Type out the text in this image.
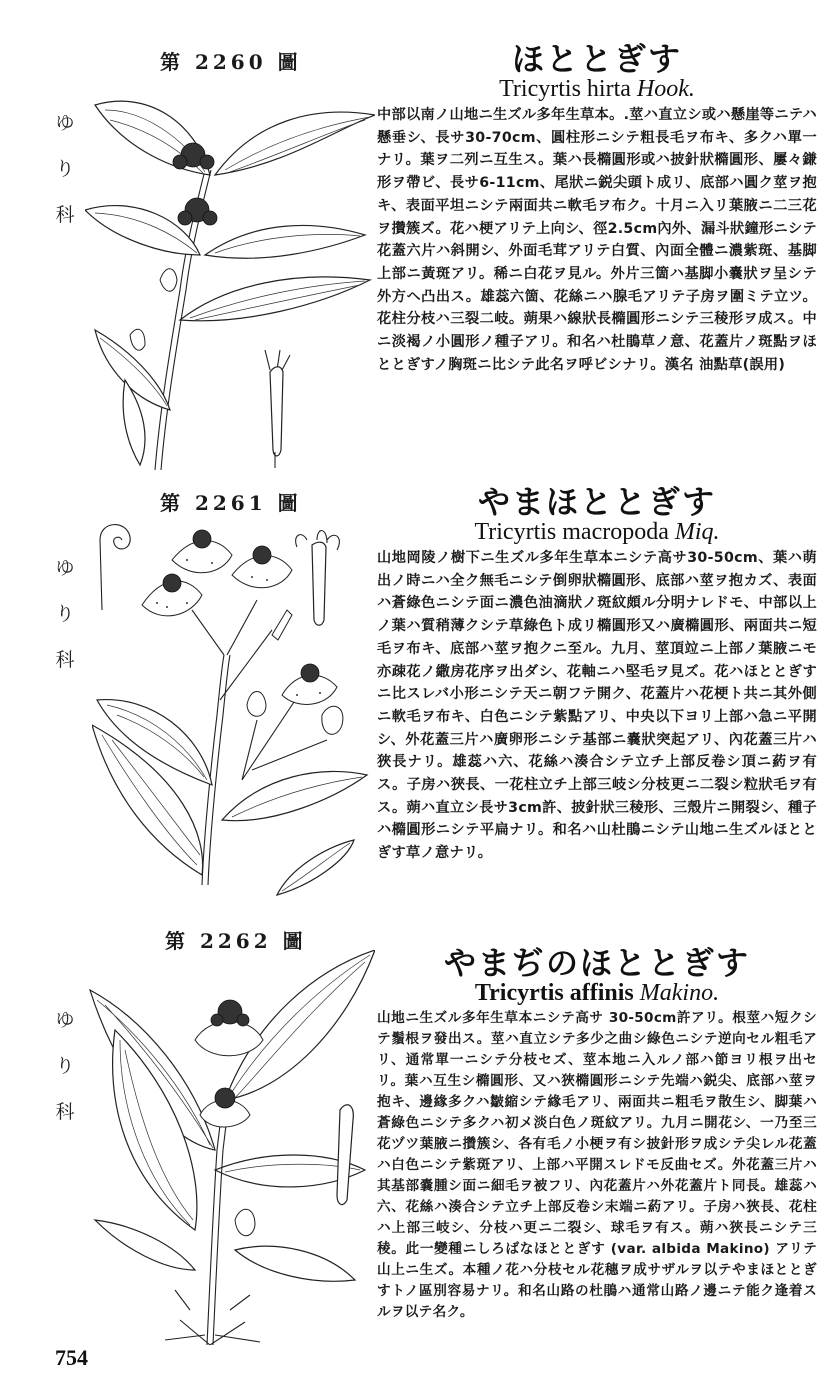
第 2260 圖
ゆ
り
科
ほととぎす
Tricyrtis hirta Hook.

中部以南ノ山地ニ生ズル多年生草本。.莖ハ直立シ或ハ懸崖等ニテハ懸垂シ、長サ30-70cm、圓柱形ニシテ粗長毛ヲ布キ、多クハ單一ナリ。葉ヲ二列ニ互生ス。葉ハ長橢圓形或ハ披針狀橢圓形、屢々鎌形ヲ帶ビ、長サ6-11cm、尾狀ニ鋭尖頭ト成リ、底部ハ圓ク莖ヲ抱キ、表面平坦ニシテ兩面共ニ軟毛ヲ布ク。十月ニ入リ葉腋ニ二三花ヲ攢簇ズ。花ハ梗アリテ上向シ、徑2.5cm內外、漏斗狀鐘形ニシテ花蓋六片ハ斜開シ、外面毛茸アリテ白質、內面全體ニ濃紫斑、基脚上部ニ黃斑アリ。稀ニ白花ヲ見ル。外片三箇ハ基脚小嚢狀ヲ呈シテ外方ヘ凸出ス。雄蕊六箇、花絲ニハ腺毛アリテ子房ヲ圍ミテ立ツ。花柱分枝ハ三裂二岐。蒴果ハ線狀長橢圓形ニシテ三稜形ヲ成ス。中ニ淡褐ノ小圓形ノ種子アリ。和名ハ杜鵑草ノ意、花蓋片ノ斑點ヲほととぎすノ胸斑ニ比シテ此名ヲ呼ビシナリ。漢名 油點草(誤用)

第 2261 圖
ゆ
り
科
やまほととぎす
Tricyrtis macropoda Miq.

山地岡陵ノ樹下ニ生ズル多年生草本ニシテ高サ30-50cm、葉ハ萌出ノ時ニハ全ク無毛ニシテ倒卵狀橢圓形、底部ハ莖ヲ抱カズ、表面ハ蒼綠色ニシテ面ニ濃色油滴狀ノ斑紋頗ル分明ナレドモ、中部以上ノ葉ハ質稍薄クシテ草綠色ト成リ橢圓形又ハ廣橢圓形、兩面共ニ短毛ヲ布キ、底部ハ莖ヲ抱クニ至ル。九月、莖頂竝ニ上部ノ葉腋ニモ亦疎花ノ繖房花序ヲ出ダシ、花軸ニハ堅毛ヲ見ズ。花ハほととぎすニ比スレバ小形ニシテ天ニ朝フテ開ク、花蓋片ハ花梗ト共ニ其外側ニ軟毛ヲ布キ、白色ニシテ紫點アリ、中央以下ヨリ上部ハ急ニ平開シ、外花蓋三片ハ廣卵形ニシテ基部ニ嚢狀突起アリ、內花蓋三片ハ狹長ナリ。雄蕊ハ六、花絲ハ湊合シテ立チ上部反卷シ頂ニ葯ヲ有ス。子房ハ狹長、一花柱立チ上部三岐シ分枝更ニ二裂シ粒狀毛ヲ有ス。蒴ハ直立シ長サ3cm許、披針狀三稜形、三殼片ニ開裂シ、種子ハ橢圓形ニシテ平扁ナリ。和名ハ山杜鵑ニシテ山地ニ生ズルほととぎす草ノ意ナリ。

第 2262 圖
ゆ
り
科
やまぢのほととぎす
Tricyrtis affinis Makino.

山地ニ生ズル多年生草本ニシテ高サ 30-50cm許アリ。根莖ハ短クシテ鬚根ヲ發出ス。莖ハ直立シテ多少之曲シ綠色ニシテ逆向セル粗毛アリ、通常單一ニシテ分枝セズ、莖本地ニ入ルノ部ハ節ヨリ根ヲ出セリ。葉ハ互生シ橢圓形、又ハ狹橢圓形ニシテ先端ハ鋭尖、底部ハ莖ヲ抱キ、邊緣多クハ皺縮シテ緣毛アリ、兩面共ニ粗毛ヲ散生シ、脚葉ハ蒼綠色ニシテ多クハ初メ淡白色ノ斑紋アリ。九月ニ開花シ、一乃至三花ヅツ葉腋ニ攢簇シ、各有毛ノ小梗ヲ有シ披針形ヲ成シテ尖レル花蓋ハ白色ニシテ紫斑アリ、上部ハ平開スレドモ反曲セズ。外花蓋三片ハ其基部嚢腫シ面ニ細毛ヲ被フリ、內花蓋片ハ外花蓋片ト同長。雄蕊ハ六、花絲ハ湊合シテ立チ上部反卷シ末端ニ葯アリ。子房ハ狹長、花柱ハ上部三岐シ、分枝ハ更ニ二裂シ、球毛ヲ有ス。蒴ハ狹長ニシテ三稜。此一變種ニしろばなほととぎす (var. albida Makino) アリテ山上ニ生ズ。本種ノ花ハ分枝セル花穗ヲ成サザルヲ以テやまほととぎすトノ區別容易ナリ。和名山路の杜鵑ハ通常山路ノ邊ニテ能ク逢着スルヲ以テ名ク。

754
